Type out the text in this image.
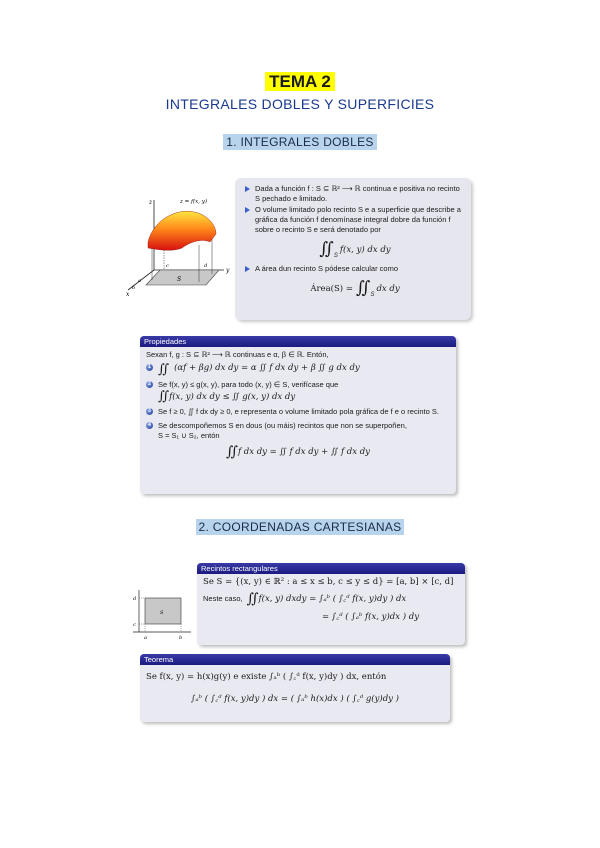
TEMA 2
INTEGRALES DOBLES Y SUPERFICIES
1. INTEGRALES DOBLES
z
y
x
S
z = f(x, y)
c	d
a
b
Dada a función f : S ⊆ ℝ² ⟶ ℝ continua e positiva no recinto S pechado e limitado.
O volume limitado polo recinto S e a superficie que describe a gráfica da función f denomínase integral dobre da función f sobre o recinto S e será denotado por
∬ S
f(x, y) dx dy
A área dun recinto S pódese calcular como
Área(S) = ∬ S
dx dy
Propiedades
Sexan f, g : S ⊆ ℝ² ⟶ ℝ continuas e α, β ∈ ℝ. Entón,
1 ∬ (αf + βg) dx dy = α ∬ f dx dy + β ∬ g dx dy
2 Se f(x, y) ≤ g(x, y), para todo (x, y) ∈ S, verifícase que
∬ f(x, y) dx dy ≤ ∬ g(x, y) dx dy
3 Se f ≥ 0, ∬ f dx dy ≥ 0, e representa o volume limitado pola gráfica de f e o recinto S.
4 Se descompoñemos S en dous (ou máis) recintos que non se superpoñen,
S = S₁ ∪ S₂, entón
∬ f dx dy = ∬ f dx dy + ∬ f dx dy
2. COORDENADAS CARTESIANAS
S
a	b
c
d
Recintos rectangulares
Se S = {(x, y) ∈ ℝ² : a ≤ x ≤ b, c ≤ y ≤ d} = [a, b] × [c, d]
Neste caso, ∬ f(x, y) dxdy = ∫ₐᵇ ( ∫꜀ᵈ f(x, y)dy ) dx
= ∫꜀ᵈ ( ∫ₐᵇ f(x, y)dx ) dy
Teorema
Se f(x, y) = h(x)g(y) e existe ∫ₐᵇ ( ∫꜀ᵈ f(x, y)dy ) dx, entón
∫ₐᵇ ( ∫꜀ᵈ f(x, y)dy ) dx = ( ∫ₐᵇ h(x)dx ) ( ∫꜀ᵈ g(y)dy )
